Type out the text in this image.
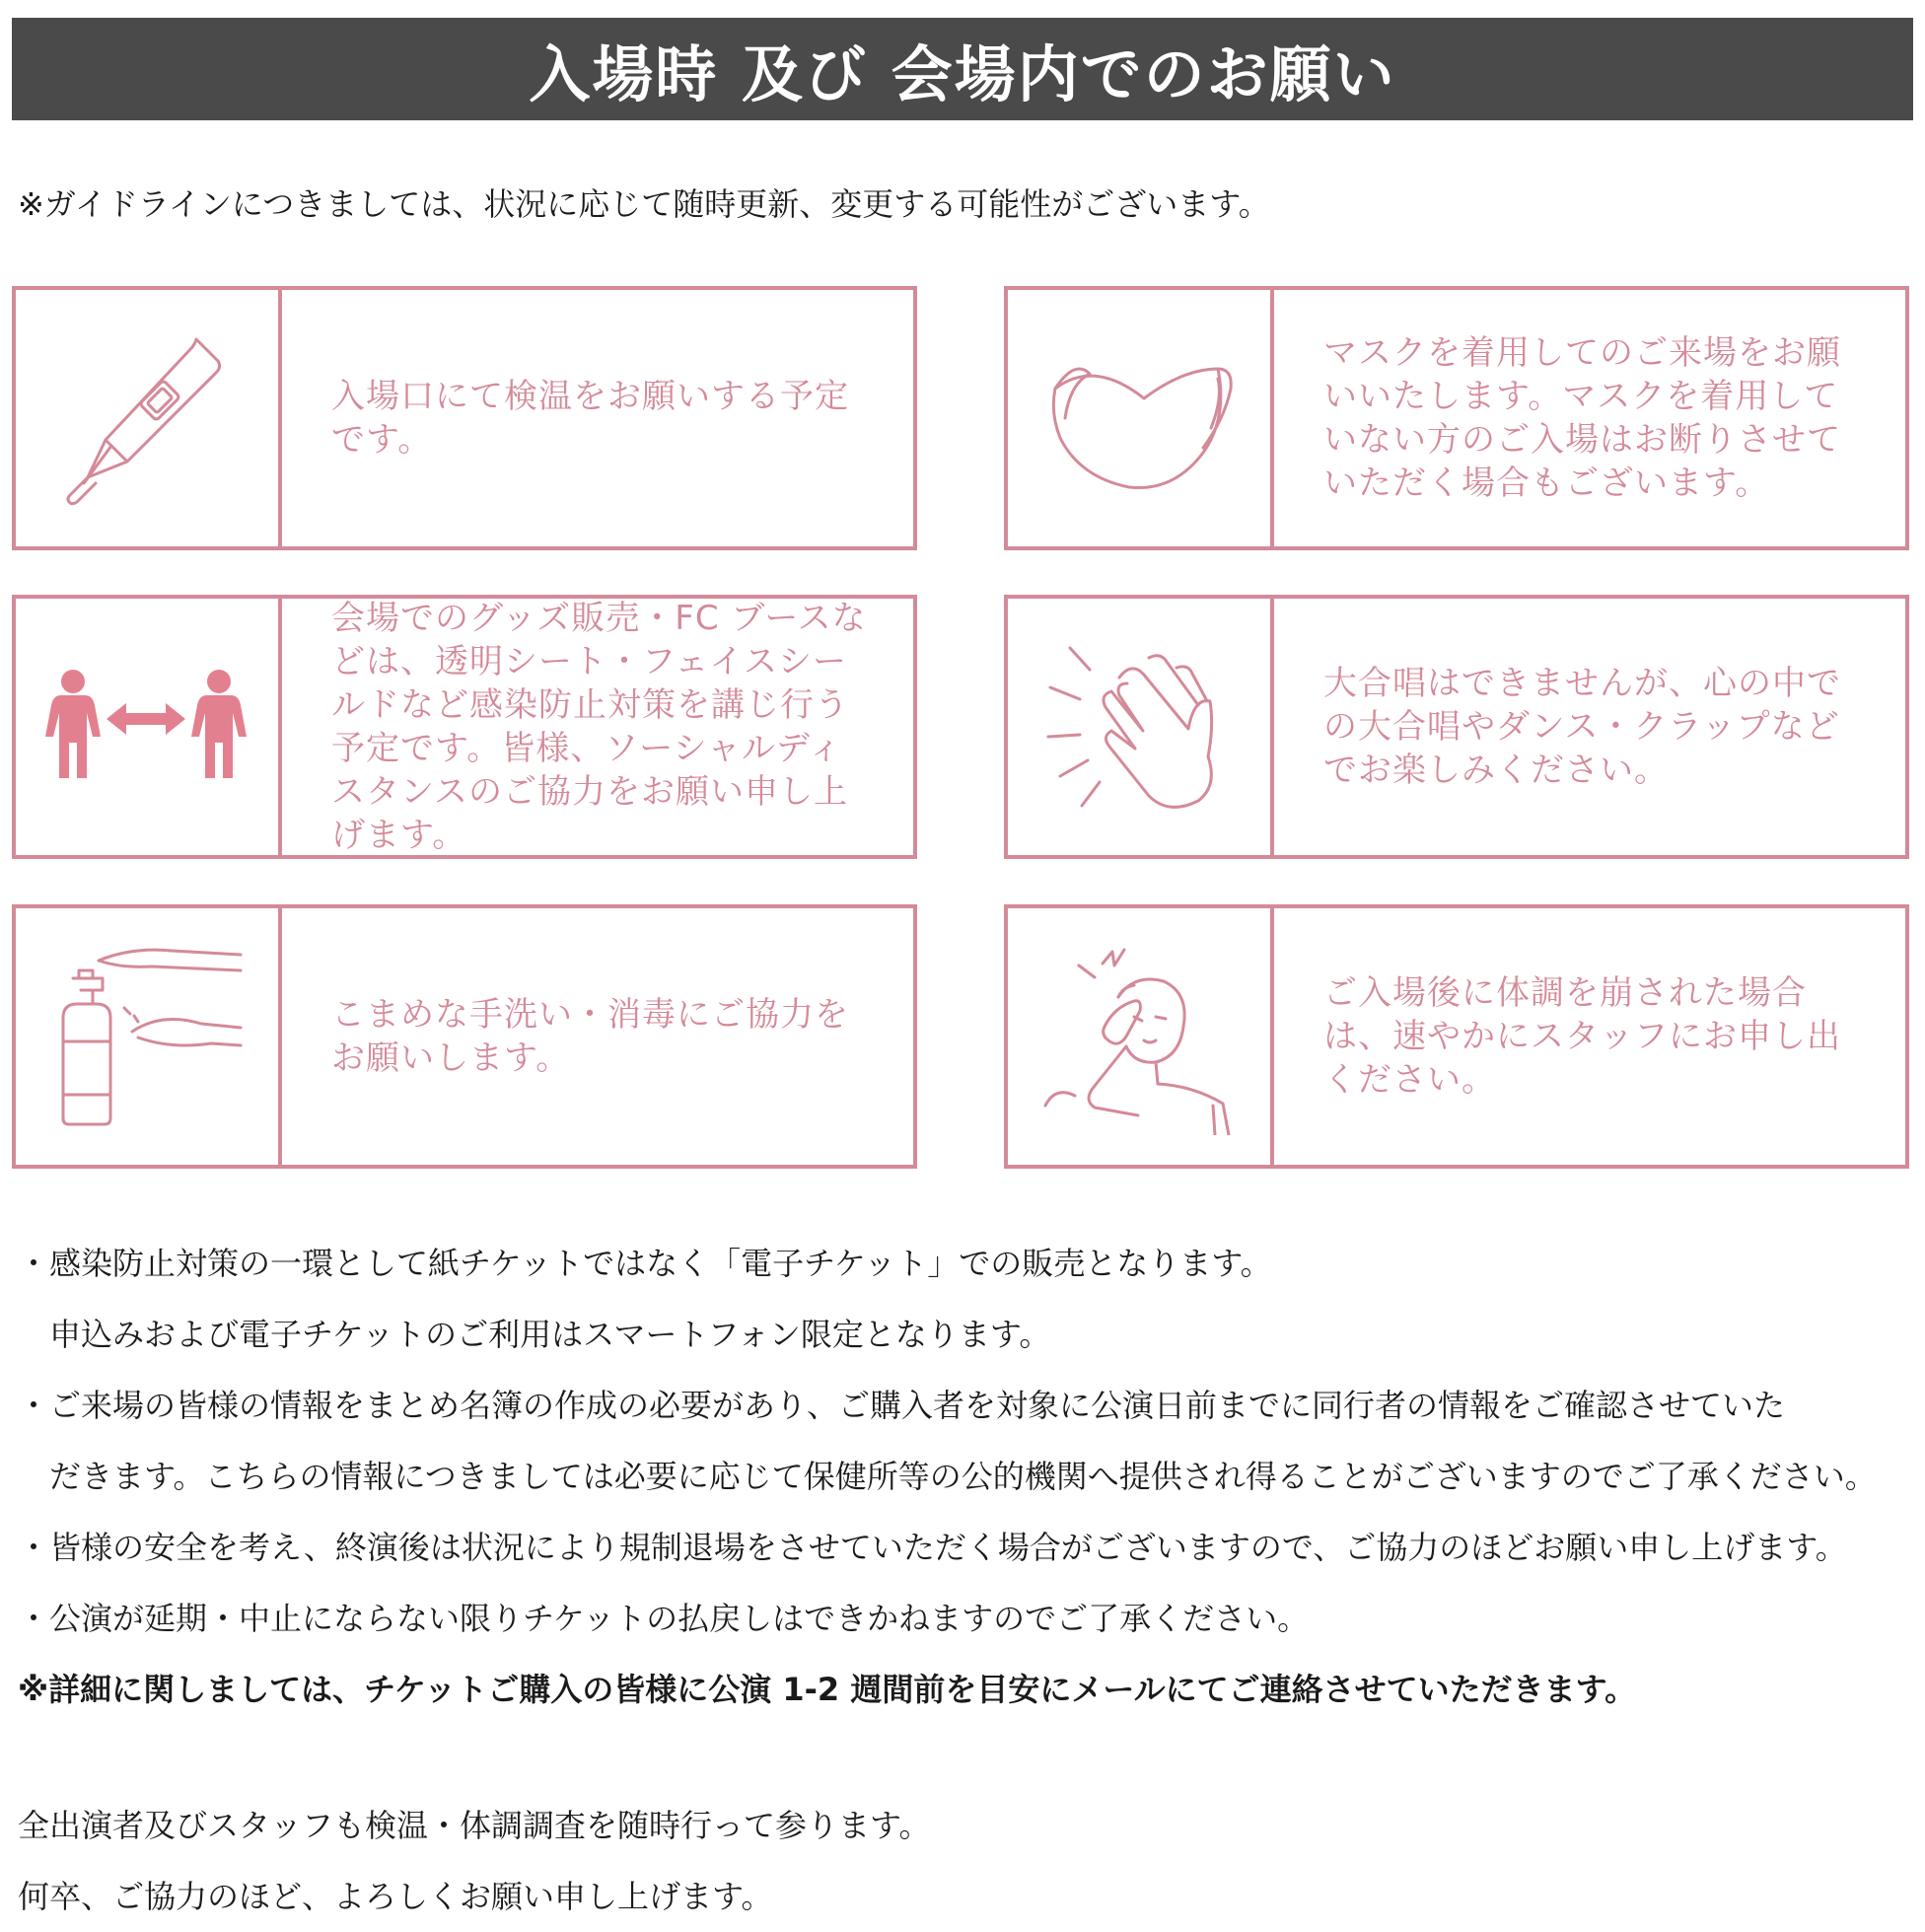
入場時 及び 会場内でのお願い
※ガイドラインにつきましては、状況に応じて随時更新、変更する可能性がございます。

入場口にて検温をお願いする予定です。

マスクを着用してのご来場をお願いいたします。マスクを着用していない方のご入場はお断りさせていただく場合もございます。

会場でのグッズ販売・FC ブースなどは、透明シート・フェイスシールドなど感染防止対策を講じ行う予定です。皆様、ソーシャルディスタンスのご協力をお願い申し上げます。

大合唱はできませんが、心の中での大合唱やダンス・クラップなどでお楽しみください。

こまめな手洗い・消毒にご協力をお願いします。

ご入場後に体調を崩された場合は、速やかにスタッフにお申し出ください。

・感染防止対策の一環として紙チケットではなく「電子チケット」での販売となります。
　申込みおよび電子チケットのご利用はスマートフォン限定となります。
・ご来場の皆様の情報をまとめ名簿の作成の必要があり、ご購入者を対象に公演日前までに同行者の情報をご確認させていた
　だきます。こちらの情報につきましては必要に応じて保健所等の公的機関へ提供され得ることがございますのでご了承ください。
・皆様の安全を考え、終演後は状況により規制退場をさせていただく場合がございますので、ご協力のほどお願い申し上げます。
・公演が延期・中止にならない限りチケットの払戻しはできかねますのでご了承ください。
※詳細に関しましては、チケットご購入の皆様に公演 1-2 週間前を目安にメールにてご連絡させていただきます。
全出演者及びスタッフも検温・体調調査を随時行って参ります。
何卒、ご協力のほど、よろしくお願い申し上げます。
